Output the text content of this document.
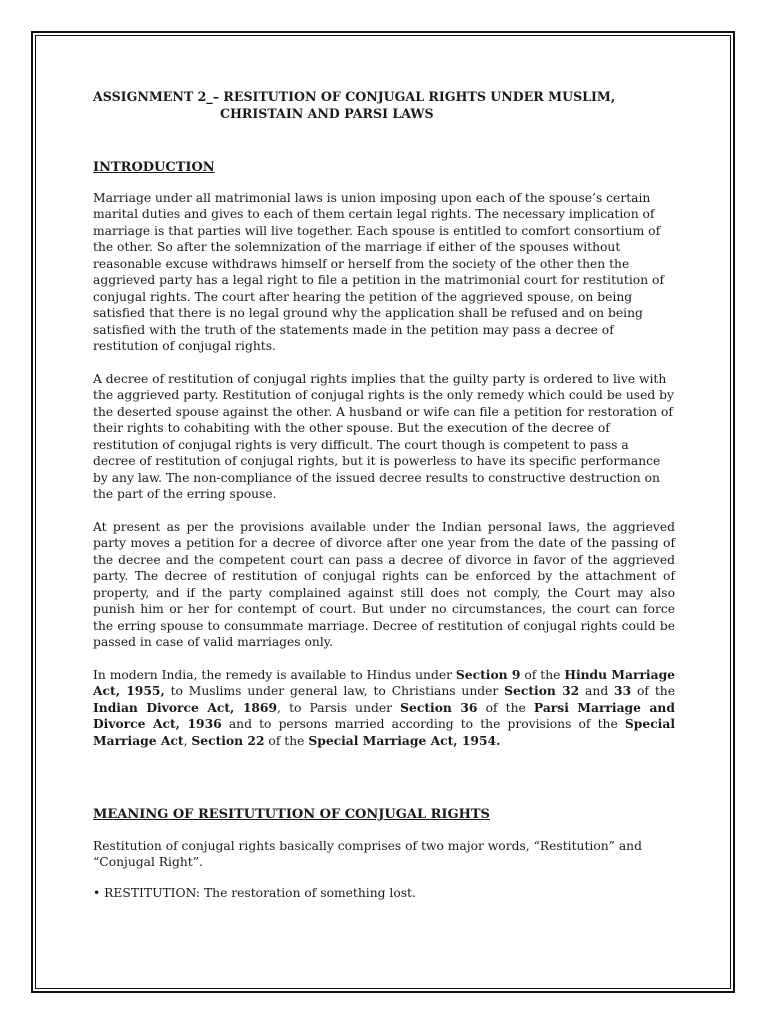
ASSIGNMENT 2_– RESITUTION OF CONJUGAL RIGHTS UNDER MUSLIM,
CHRISTAIN AND PARSI LAWS

INTRODUCTION

Marriage under all matrimonial laws is union imposing upon each of the spouse’s certain marital duties and gives to each of them certain legal rights. The necessary implication of marriage is that parties will live together. Each spouse is entitled to comfort consortium of the other. So after the solemnization of the marriage if either of the spouses without reasonable excuse withdraws himself or herself from the society of the other then the aggrieved party has a legal right to file a petition in the matrimonial court for restitution of conjugal rights. The court after hearing the petition of the aggrieved spouse, on being satisfied that there is no legal ground why the application shall be refused and on being satisfied with the truth of the statements made in the petition may pass a decree of restitution of conjugal rights.

A decree of restitution of conjugal rights implies that the guilty party is ordered to live with the aggrieved party. Restitution of conjugal rights is the only remedy which could be used by the deserted spouse against the other. A husband or wife can file a petition for restoration of their rights to cohabiting with the other spouse. But the execution of the decree of restitution of conjugal rights is very difficult. The court though is competent to pass a decree of restitution of conjugal rights, but it is powerless to have its specific performance by any law. The non-compliance of the issued decree results to constructive destruction on the part of the erring spouse.

At present as per the provisions available under the Indian personal laws, the aggrieved party moves a petition for a decree of divorce after one year from the date of the passing of the decree and the competent court can pass a decree of divorce in favor of the aggrieved party. The decree of restitution of conjugal rights can be enforced by the attachment of property, and if the party complained against still does not comply, the Court may also punish him or her for contempt of court. But under no circumstances, the court can force the erring spouse to consummate marriage. Decree of restitution of conjugal rights could be passed in case of valid marriages only.

In modern India, the remedy is available to Hindus under Section 9 of the Hindu Marriage Act, 1955, to Muslims under general law, to Christians under Section 32 and 33 of the Indian Divorce Act, 1869, to Parsis under Section 36 of the Parsi Marriage and Divorce Act, 1936 and to persons married according to the provisions of the Special Marriage Act, Section 22 of the Special Marriage Act, 1954.

MEANING OF RESITUTUTION OF CONJUGAL RIGHTS

Restitution of conjugal rights basically comprises of two major words, “Restitution” and “Conjugal Right”.

• RESTITUTION: The restoration of something lost.
